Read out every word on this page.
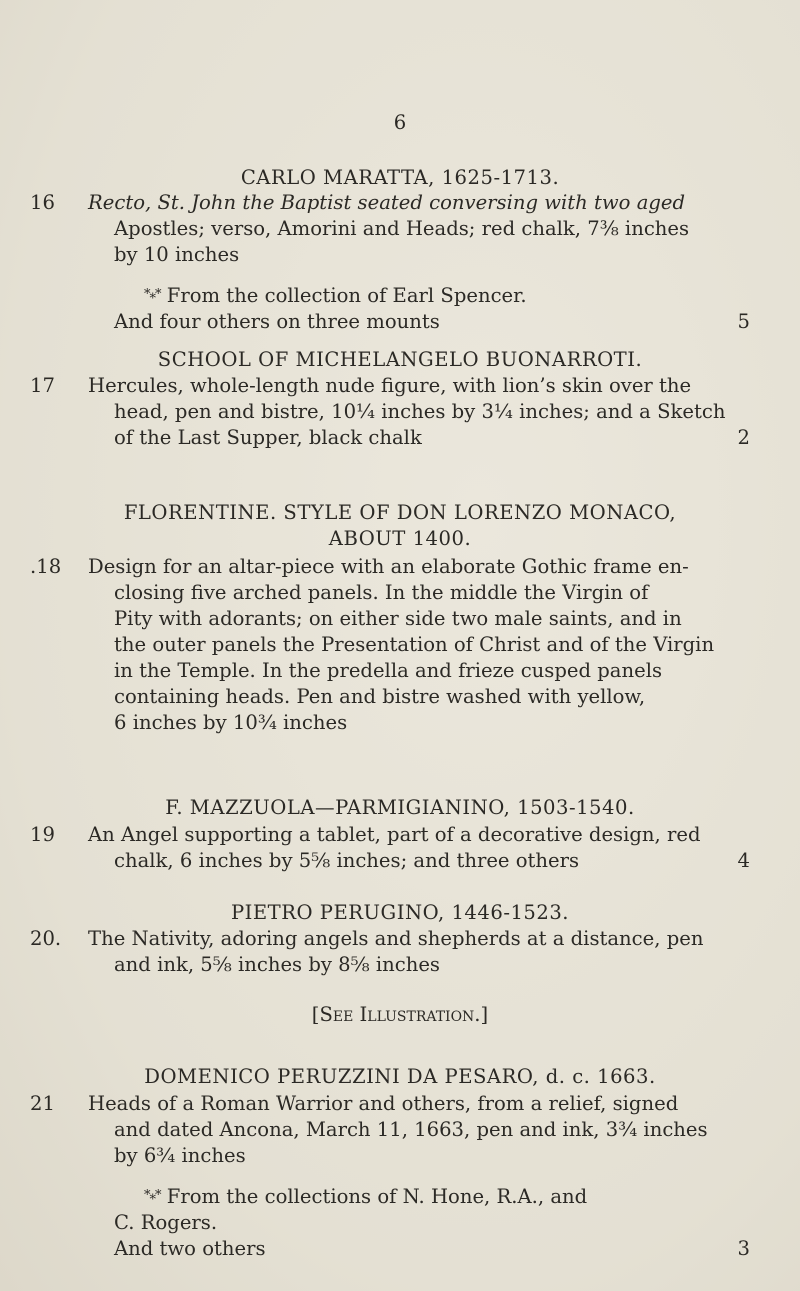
6
CARLO MARATTA, 1625-1713.
16	Recto, St. John the Baptist seated conversing with two aged
Apostles; verso, Amorini and Heads; red chalk, 7⅜ inches
by 10 inches
*⁎* From the collection of Earl Spencer.
And four others on three mounts	5
SCHOOL OF MICHELANGELO BUONARROTI.
17	Hercules, whole-length nude figure, with lion’s skin over the
head, pen and bistre, 10¼ inches by 3¼ inches; and a Sketch
of the Last Supper, black chalk	2
FLORENTINE. STYLE OF DON LORENZO MONACO,
ABOUT 1400.
.18	Design for an altar-piece with an elaborate Gothic frame en-
closing five arched panels. In the middle the Virgin of
Pity with adorants; on either side two male saints, and in
the outer panels the Presentation of Christ and of the Virgin
in the Temple. In the predella and frieze cusped panels
containing heads. Pen and bistre washed with yellow,
6 inches by 10¾ inches
F. MAZZUOLA—PARMIGIANINO, 1503-1540.
19	An Angel supporting a tablet, part of a decorative design, red
chalk, 6 inches by 5⅝ inches; and three others	4
PIETRO PERUGINO, 1446-1523.
20.	The Nativity, adoring angels and shepherds at a distance, pen
and ink, 5⅝ inches by 8⅝ inches
[See Illustration.]
DOMENICO PERUZZINI DA PESARO, d. c. 1663.
21	Heads of a Roman Warrior and others, from a relief, signed
and dated Ancona, March 11, 1663, pen and ink, 3¾ inches
by 6¾ inches
*⁎* From the collections of N. Hone, R.A., and
C. Rogers.
And two others	3
